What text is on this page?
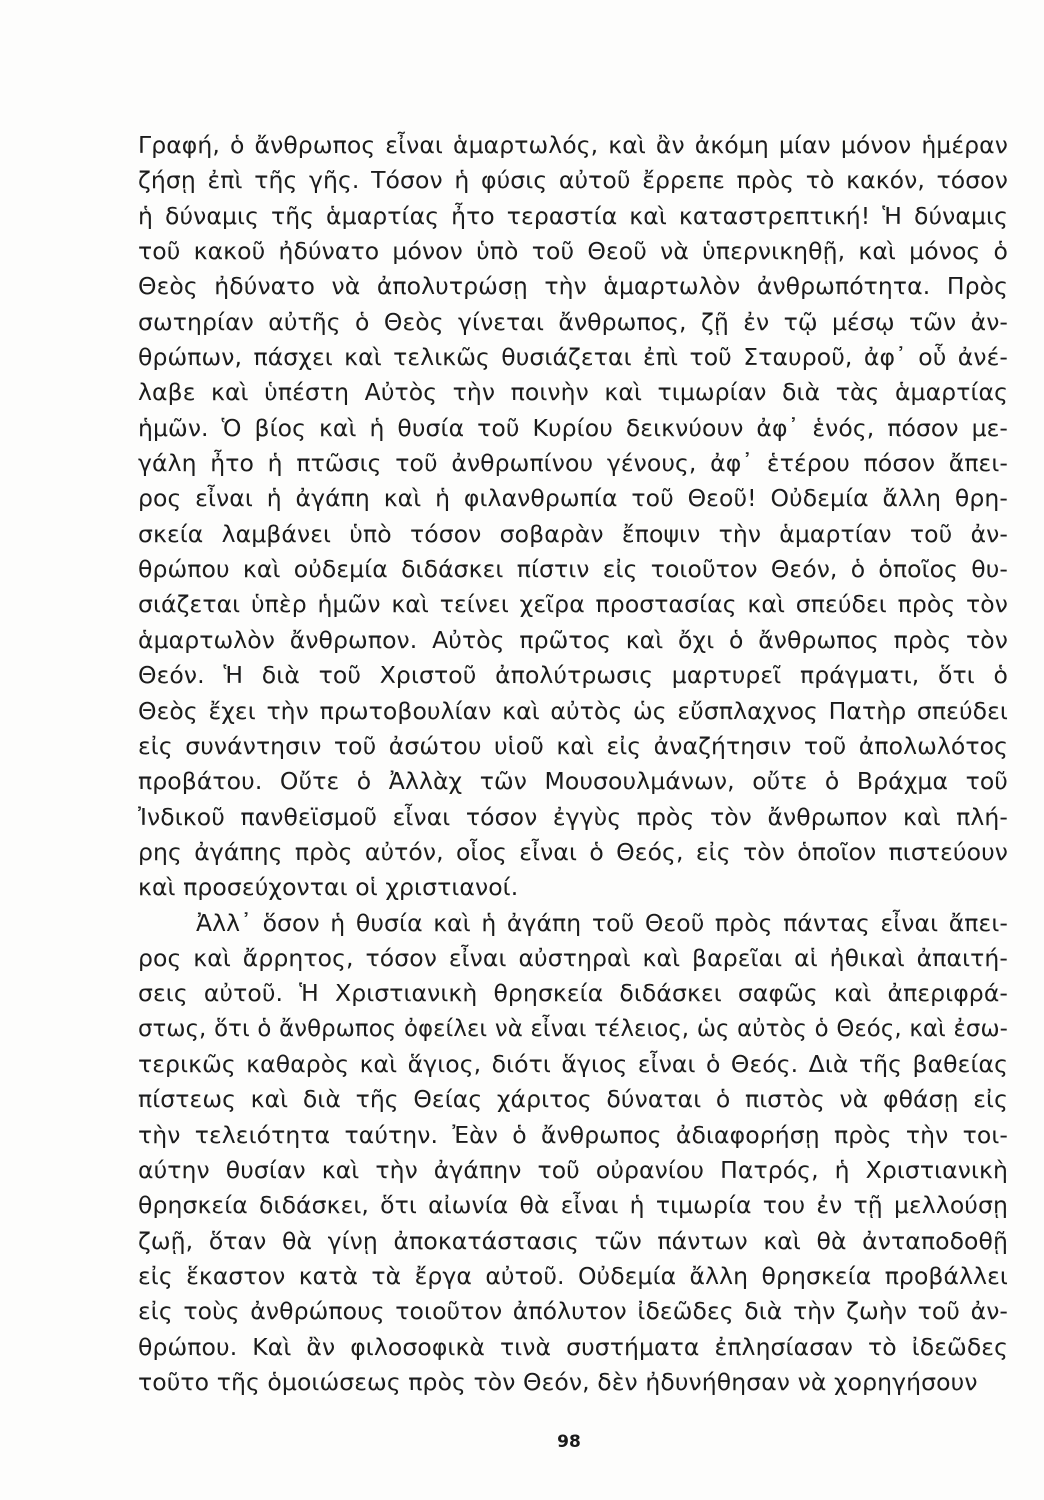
Γραφή, ὁ ἄνθρωπος εἶναι ἁμαρτωλός, καὶ ἂν ἀκόμη μίαν μόνον ἡμέραν
ζήσῃ ἐπὶ τῆς γῆς. Τόσον ἡ φύσις αὐτοῦ ἔρρεπε πρὸς τὸ κακόν, τόσον
ἡ δύναμις τῆς ἁμαρτίας ἦτο τεραστία καὶ καταστρεπτική! Ἡ δύναμις
τοῦ κακοῦ ἠδύνατο μόνον ὑπὸ τοῦ Θεοῦ νὰ ὑπερνικηθῇ, καὶ μόνος ὁ
Θεὸς ἠδύνατο νὰ ἀπολυτρώσῃ τὴν ἁμαρτωλὸν ἀνθρωπότητα. Πρὸς
σωτηρίαν αὐτῆς ὁ Θεὸς γίνεται ἄνθρωπος, ζῇ ἐν τῷ μέσῳ τῶν ἀν-
θρώπων, πάσχει καὶ τελικῶς θυσιάζεται ἐπὶ τοῦ Σταυροῦ, ἀφ᾽ οὗ ἀνέ-
λαβε καὶ ὑπέστη Αὐτὸς τὴν ποινὴν καὶ τιμωρίαν διὰ τὰς ἁμαρτίας
ἡμῶν. Ὁ βίος καὶ ἡ θυσία τοῦ Κυρίου δεικνύουν ἀφ᾽ ἑνός, πόσον με-
γάλη ἦτο ἡ πτῶσις τοῦ ἀνθρωπίνου γένους, ἀφ᾽ ἑτέρου πόσον ἄπει-
ρος εἶναι ἡ ἀγάπη καὶ ἡ φιλανθρωπία τοῦ Θεοῦ! Οὐδεμία ἄλλη θρη-
σκεία λαμβάνει ὑπὸ τόσον σοβαρὰν ἔποψιν τὴν ἁμαρτίαν τοῦ ἀν-
θρώπου καὶ οὐδεμία διδάσκει πίστιν εἰς τοιοῦτον Θεόν, ὁ ὁποῖος θυ-
σιάζεται ὑπὲρ ἡμῶν καὶ τείνει χεῖρα προστασίας καὶ σπεύδει πρὸς τὸν
ἁμαρτωλὸν ἄνθρωπον. Αὐτὸς πρῶτος καὶ ὄχι ὁ ἄνθρωπος πρὸς τὸν
Θεόν. Ἡ διὰ τοῦ Χριστοῦ ἀπολύτρωσις μαρτυρεῖ πράγματι, ὅτι ὁ
Θεὸς ἔχει τὴν πρωτοβουλίαν καὶ αὐτὸς ὡς εὔσπλαχνος Πατὴρ σπεύδει
εἰς συνάντησιν τοῦ ἀσώτου υἱοῦ καὶ εἰς ἀναζήτησιν τοῦ ἀπολωλότος
προβάτου. Οὔτε ὁ Ἀλλὰχ τῶν Μουσουλμάνων, οὔτε ὁ Βράχμα τοῦ
Ἰνδικοῦ πανθεϊσμοῦ εἶναι τόσον ἐγγὺς πρὸς τὸν ἄνθρωπον καὶ πλή-
ρης ἀγάπης πρὸς αὐτόν, οἷος εἶναι ὁ Θεός, εἰς τὸν ὁποῖον πιστεύουν
καὶ προσεύχονται οἱ χριστιανοί.
Ἀλλ᾽ ὅσον ἡ θυσία καὶ ἡ ἀγάπη τοῦ Θεοῦ πρὸς πάντας εἶναι ἄπει-
ρος καὶ ἄρρητος, τόσον εἶναι αὐστηραὶ καὶ βαρεῖαι αἱ ἠθικαὶ ἀπαιτή-
σεις αὐτοῦ. Ἡ Χριστιανικὴ θρησκεία διδάσκει σαφῶς καὶ ἀπεριφρά-
στως, ὅτι ὁ ἄνθρωπος ὀφείλει νὰ εἶναι τέλειος, ὡς αὐτὸς ὁ Θεός, καὶ ἐσω-
τερικῶς καθαρὸς καὶ ἅγιος, διότι ἅγιος εἶναι ὁ Θεός. Διὰ τῆς βαθείας
πίστεως καὶ διὰ τῆς Θείας χάριτος δύναται ὁ πιστὸς νὰ φθάσῃ εἰς
τὴν τελειότητα ταύτην. Ἐὰν ὁ ἄνθρωπος ἀδιαφορήσῃ πρὸς τὴν τοι-
αύτην θυσίαν καὶ τὴν ἀγάπην τοῦ οὐρανίου Πατρός, ἡ Χριστιανικὴ
θρησκεία διδάσκει, ὅτι αἰωνία θὰ εἶναι ἡ τιμωρία του ἐν τῇ μελλούσῃ
ζωῇ, ὅταν θὰ γίνῃ ἀποκατάστασις τῶν πάντων καὶ θὰ ἀνταποδοθῇ
εἰς ἕκαστον κατὰ τὰ ἔργα αὐτοῦ. Οὐδεμία ἄλλη θρησκεία προβάλλει
εἰς τοὺς ἀνθρώπους τοιοῦτον ἀπόλυτον ἰδεῶδες διὰ τὴν ζωὴν τοῦ ἀν-
θρώπου. Καὶ ἂν φιλοσοφικὰ τινὰ συστήματα ἐπλησίασαν τὸ ἰδεῶδες
τοῦτο τῆς ὁμοιώσεως πρὸς τὸν Θεόν, δὲν ἠδυνήθησαν νὰ χορηγήσουν
98
